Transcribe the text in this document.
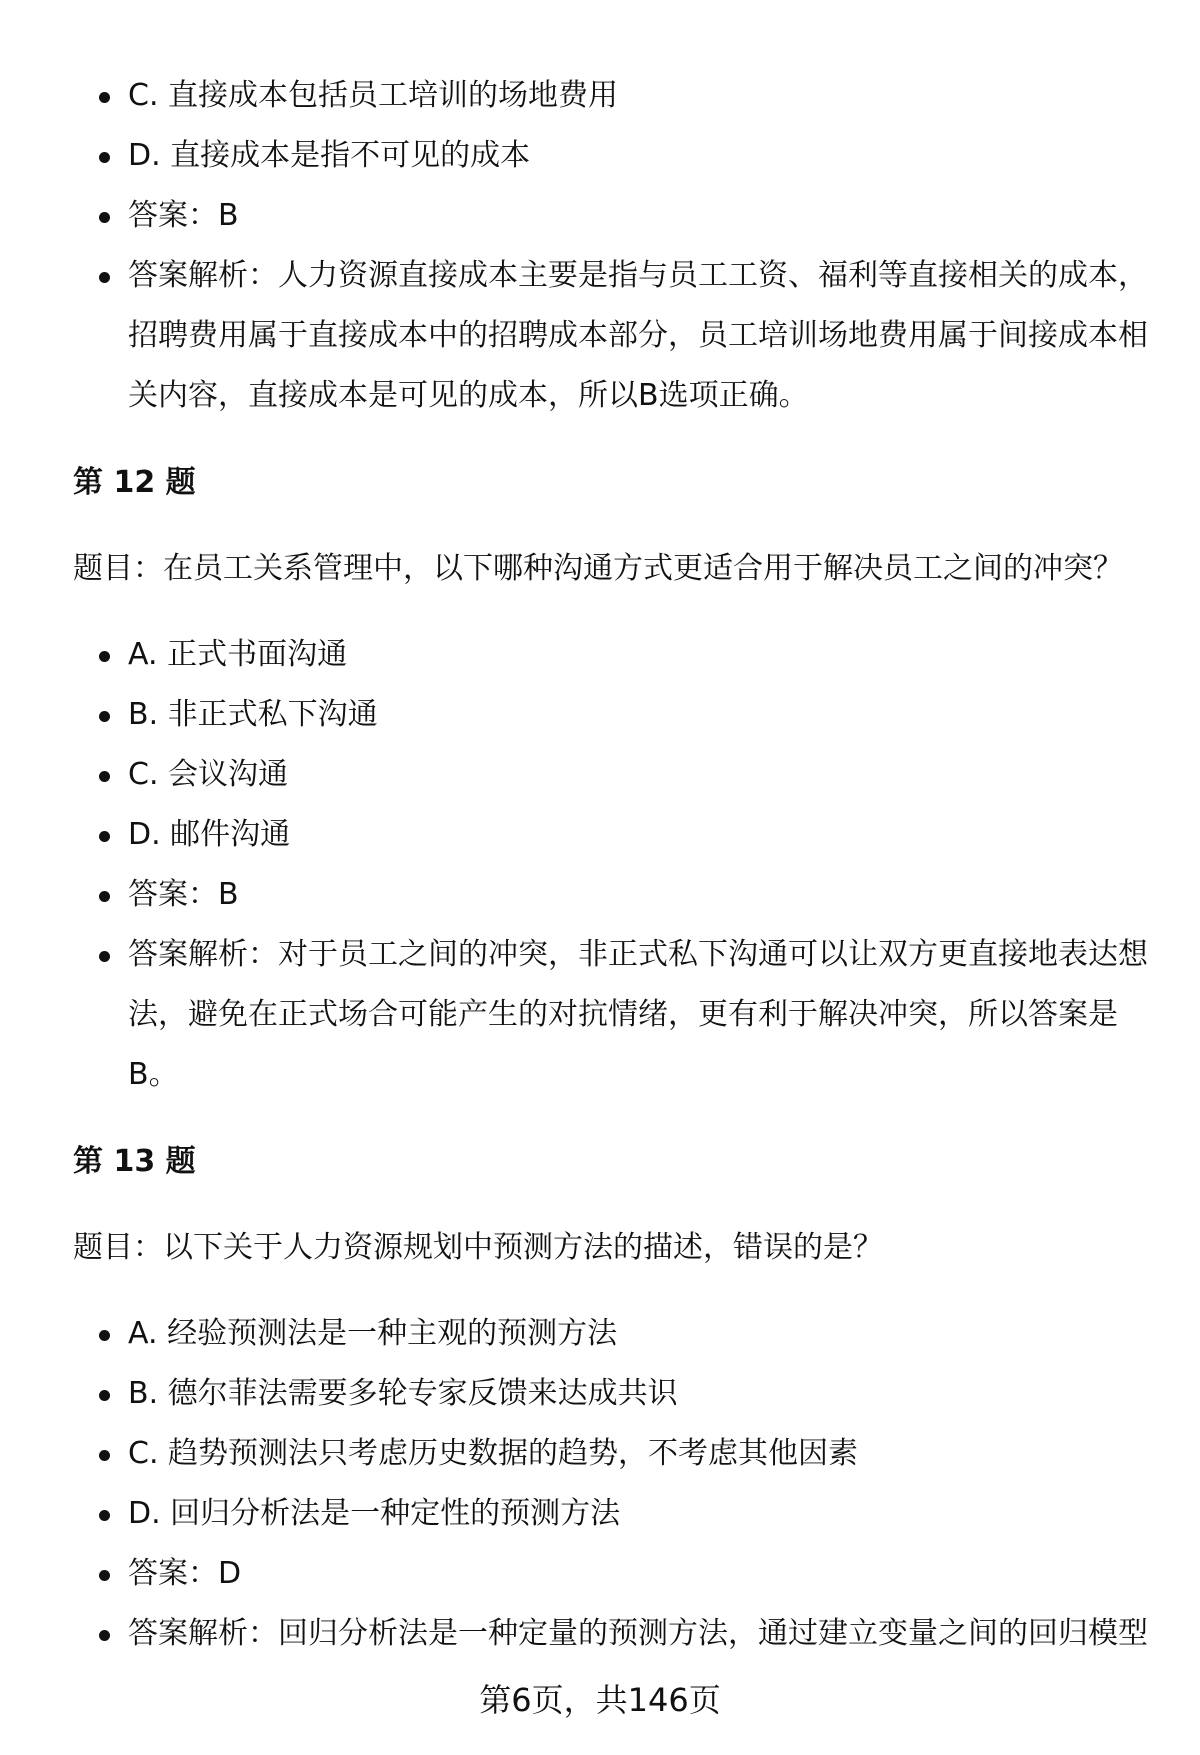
C. 直接成本包括员工培训的场地费用
D. 直接成本是指不可见的成本
答案：B
答案解析：人力资源直接成本主要是指与员工工资、福利等直接相关的成本，招聘费用属于直接成本中的招聘成本部分，员工培训场地费用属于间接成本相关内容，直接成本是可见的成本，所以B选项正确。
第 12 题
题目：在员工关系管理中，以下哪种沟通方式更适合用于解决员工之间的冲突？
A. 正式书面沟通
B. 非正式私下沟通
C. 会议沟通
D. 邮件沟通
答案：B
答案解析：对于员工之间的冲突，非正式私下沟通可以让双方更直接地表达想法，避免在正式场合可能产生的对抗情绪，更有利于解决冲突，所以答案是B。
第 13 题
题目：以下关于人力资源规划中预测方法的描述，错误的是？
A. 经验预测法是一种主观的预测方法
B. 德尔菲法需要多轮专家反馈来达成共识
C. 趋势预测法只考虑历史数据的趋势，不考虑其他因素
D. 回归分析法是一种定性的预测方法
答案：D
答案解析：回归分析法是一种定量的预测方法，通过建立变量之间的回归模型
第6页，共146页
